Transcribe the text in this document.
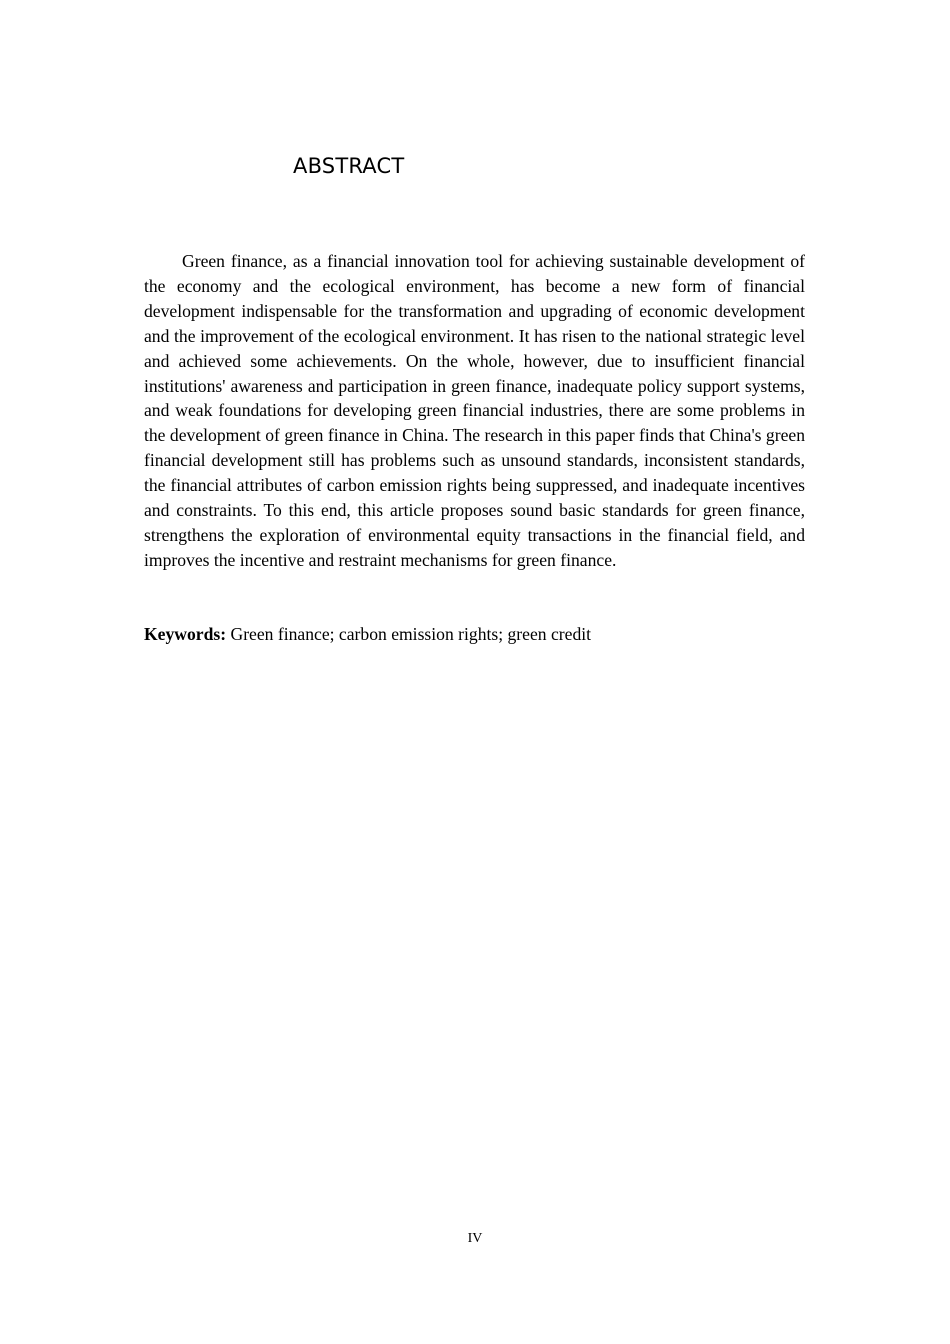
ABSTRACT

Green finance, as a financial innovation tool for achieving sustainable development of the economy and the ecological environment, has become a new form of financial development indispensable for the transformation and upgrading of economic development and the improvement of the ecological environment. It has risen to the national strategic level and achieved some achievements. On the whole, however, due to insufficient financial institutions' awareness and participation in green finance, inadequate policy support systems, and weak foundations for developing green financial industries, there are some problems in the development of green finance in China. The research in this paper finds that China's green financial development still has problems such as unsound standards, inconsistent standards, the financial attributes of carbon emission rights being suppressed, and inadequate incentives and constraints. To this end, this article proposes sound basic standards for green finance, strengthens the exploration of environmental equity transactions in the financial field, and improves the incentive and restraint mechanisms for green finance.

Keywords: Green finance; carbon emission rights; green credit

IV
